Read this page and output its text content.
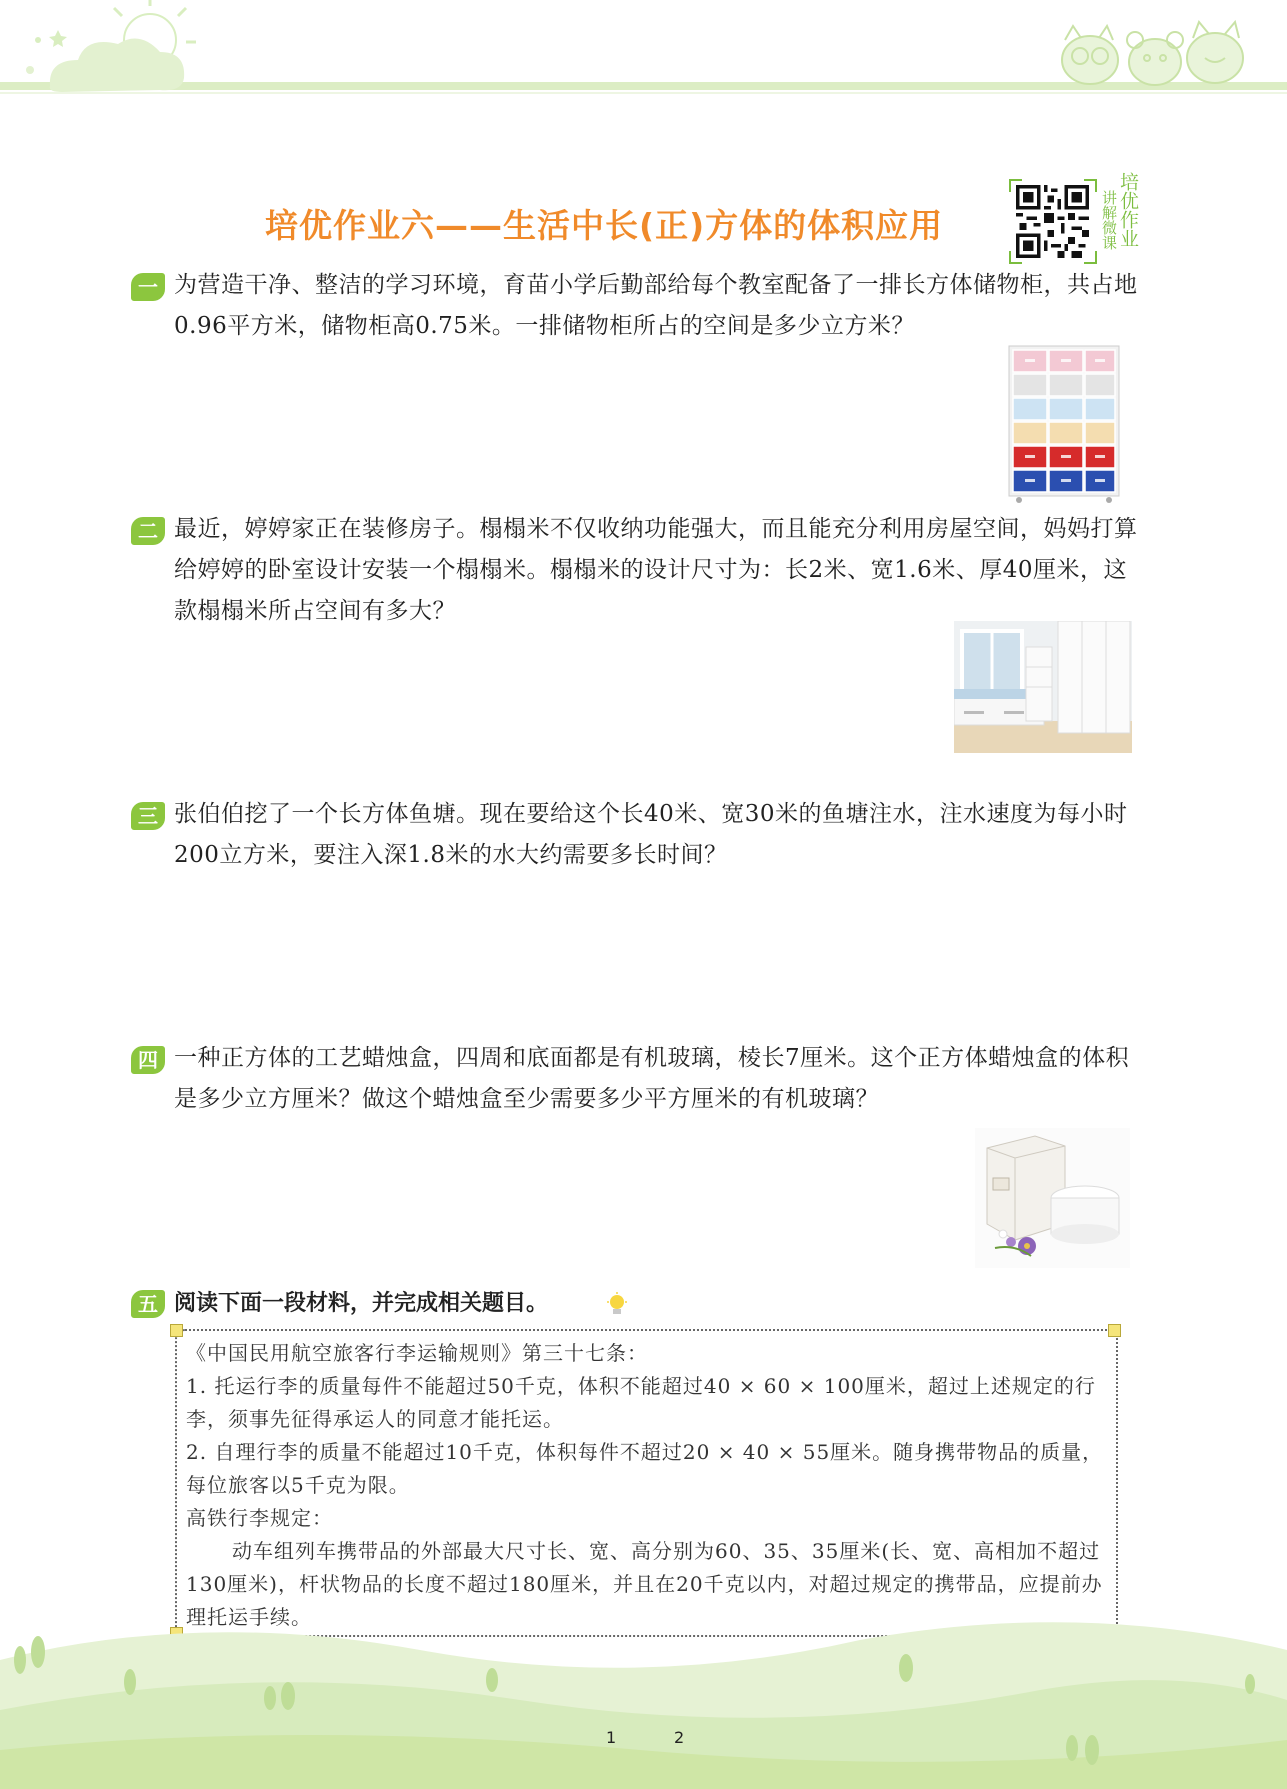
培优作业六——生活中长(正)方体的体积应用	讲解微课 培优作业
一 为营造干净、整洁的学习环境，育苗小学后勤部给每个教室配备了一排长方体储物柜，共占地0.96平方米，储物柜高0.75米。一排储物柜所占的空间是多少立方米？
二 最近，婷婷家正在装修房子。榻榻米不仅收纳功能强大，而且能充分利用房屋空间，妈妈打算给婷婷的卧室设计安装一个榻榻米。榻榻米的设计尺寸为：长2米、宽1.6米、厚40厘米，这款榻榻米所占空间有多大？
三 张伯伯挖了一个长方体鱼塘。现在要给这个长40米、宽30米的鱼塘注水，注水速度为每小时200立方米，要注入深1.8米的水大约需要多长时间？
四 一种正方体的工艺蜡烛盒，四周和底面都是有机玻璃，棱长7厘米。这个正方体蜡烛盒的体积是多少立方厘米？做这个蜡烛盒至少需要多少平方厘米的有机玻璃？
五 阅读下面一段材料，并完成相关题目。

《中国民用航空旅客行李运输规则》第三十七条：

1. 托运行李的质量每件不能超过50千克，体积不能超过40 × 60 × 100厘米，超过上述规定的行李，须事先征得承运人的同意才能托运。

2. 自理行李的质量不能超过10千克，体积每件不超过20 × 40 × 55厘米。随身携带物品的质量，每位旅客以5千克为限。

高铁行李规定：

动车组列车携带品的外部最大尺寸长、宽、高分别为60、35、35厘米(长、宽、高相加不超过130厘米)，杆状物品的长度不超过180厘米，并且在20千克以内，对超过规定的携带品，应提前办理托运手续。

1	2
